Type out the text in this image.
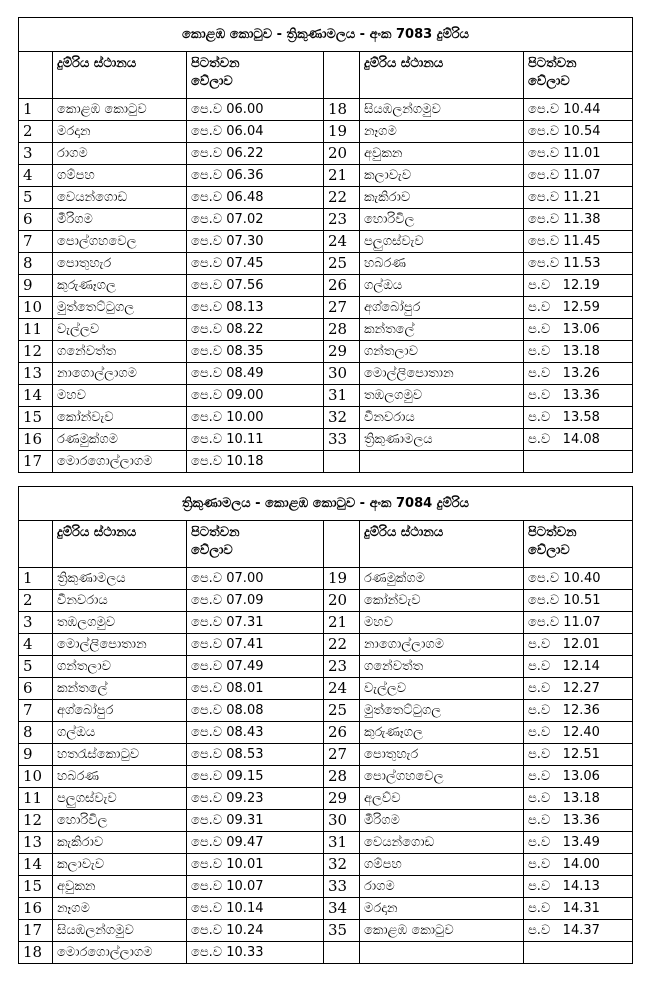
කොළඹ කොටුව - ත්‍රිකුණාමලය - අංක 7083 දුම්රිය					
	දුම්රිය ස්ථානය	පිටත්වන
වේලාව		දුම්රිය ස්ථානය	පිටත්වන
වේලාව
1	කොළඹ කොටුව	පෙ.ව 06.00	18	සියඹලන්ගමුව	පෙ.ව 10.44
2	මරදාන	පෙ.ව 06.04	19	නෑගම	පෙ.ව 10.54
3	රාගම	පෙ.ව 06.22	20	අවුකන	පෙ.ව 11.01
4	ගම්පහ	පෙ.ව 06.36	21	කලාවැව	පෙ.ව 11.07
5	වෙයන්ගොඩ	පෙ.ව 06.48	22	කැකිරාව	පෙ.ව 11.21
6	මීරිගම	පෙ.ව 07.02	23	හොරිවිල	පෙ.ව 11.38
7	පොල්ගහවෙල	පෙ.ව 07.30	24	පලුගස්වැව	පෙ.ව 11.45
8	පොතුහැර	පෙ.ව 07.45	25	හබරණ	පෙ.ව 11.53
9	කුරුණෑගල	පෙ.ව 07.56	26	ගල්ඔය	ප.ව   12.19
10	මුත්තෙට්ටුගල	පෙ.ව 08.13	27	අග්බෝපුර	ප.ව   12.59
11	වැල්ලව	පෙ.ව 08.22	28	කන්තලේ	ප.ව   13.06
12	ගනේවත්ත	පෙ.ව 08.35	29	ගන්තලාව	ප.ව   13.18
13	නාගොල්ලාගම	පෙ.ව 08.49	30	මොල්ලිපොතාන	ප.ව   13.26
14	මහව	පෙ.ව 09.00	31	තඹලගමුව	ප.ව   13.36
15	කෝන්වැව	පෙ.ව 10.00	32	වීනවරාය	ප.ව   13.58
16	රණමුක්ගම	පෙ.ව 10.11	33	ත්‍රිකුණාමලය	ප.ව   14.08
17	මොරගොල්ලාගම	පෙ.ව 10.18			
ත්‍රිකුණාමලය - කොළඹ කොටුව - අංක 7084 දුම්රිය					
	දුම්රිය ස්ථානය	පිටත්වන
වේලාව		දුම්රිය ස්ථානය	පිටත්වන
වේලාව
1	ත්‍රිකුණාමලය	පෙ.ව 07.00	19	රණමුක්ගම	පෙ.ව 10.40
2	වීනවරාය	පෙ.ව 07.09	20	කෝන්වැව	පෙ.ව 10.51
3	තඹලගමුව	පෙ.ව 07.31	21	මහව	පෙ.ව 11.07
4	මොල්ලිපොතාන	පෙ.ව 07.41	22	නාගොල්ලාගම	ප.ව   12.01
5	ගන්තලාව	පෙ.ව 07.49	23	ගනේවත්ත	ප.ව   12.14
6	කන්තලේ	පෙ.ව 08.01	24	වැල්ලව	ප.ව   12.27
7	අග්බෝපුර	පෙ.ව 08.08	25	මුත්තෙට්ටුගල	ප.ව   12.36
8	ගල්ඔය	පෙ.ව 08.43	26	කුරුණෑගල	ප.ව   12.40
9	හතරැස්කොටුව	පෙ.ව 08.53	27	පොතුහැර	ප.ව   12.51
10	හබරණ	පෙ.ව 09.15	28	පොල්ගහවෙල	ප.ව   13.06
11	පලුගස්වැව	පෙ.ව 09.23	29	අලව්ව	ප.ව   13.18
12	හොරිවිල	පෙ.ව 09.31	30	මීරිගම	ප.ව   13.36
13	කැකිරාව	පෙ.ව 09.47	31	වෙයන්ගොඩ	ප.ව   13.49
14	කලාවැව	පෙ.ව 10.01	32	ගම්පහ	ප.ව   14.00
15	අවුකන	පෙ.ව 10.07	33	රාගම	ප.ව   14.13
16	නෑගම	පෙ.ව 10.14	34	මරදාන	ප.ව   14.31
17	සියඹලන්ගමුව	පෙ.ව 10.24	35	කොළඹ කොටුව	ප.ව   14.37
18	මොරගොල්ලාගම	පෙ.ව 10.33			
